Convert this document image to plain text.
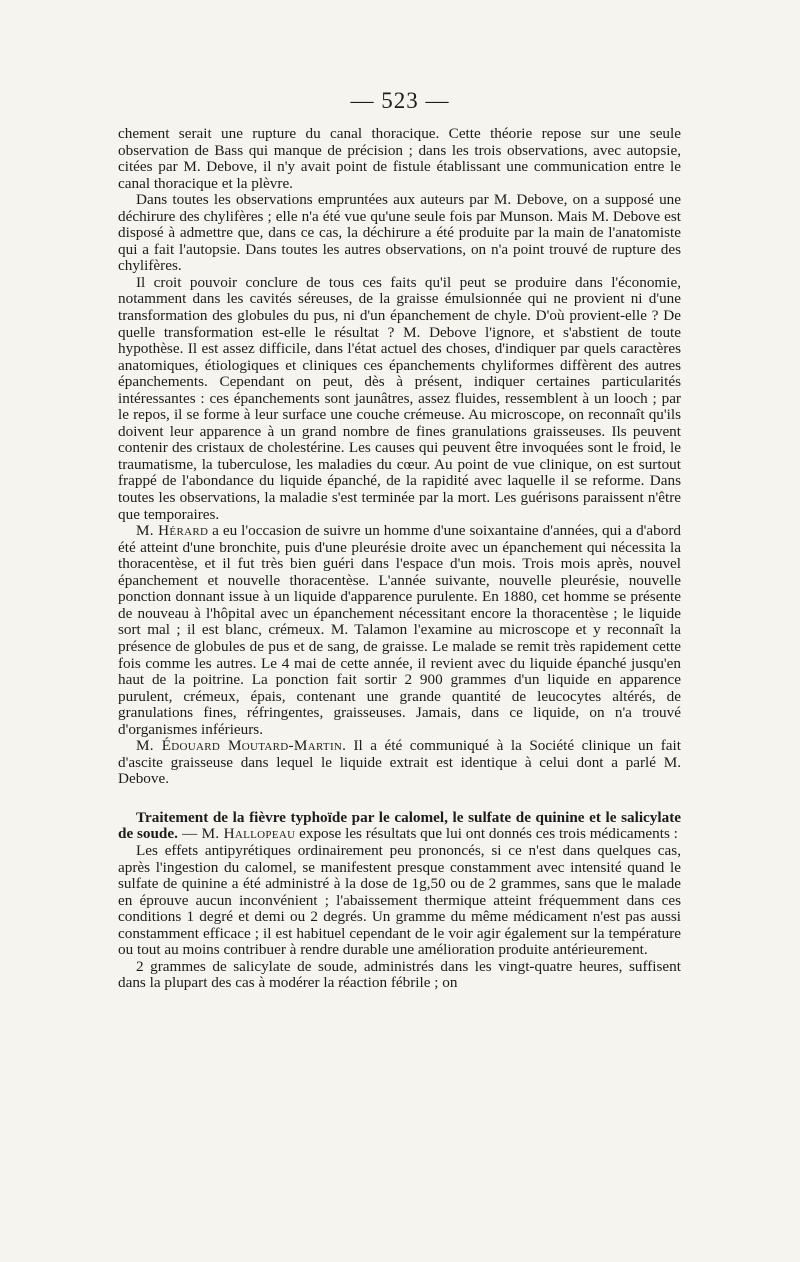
— 523 —

chement serait une rupture du canal thoracique. Cette théorie repose sur une seule observation de Bass qui manque de précision ; dans les trois observations, avec autopsie, citées par M. Debove, il n'y avait point de fistule établissant une communication entre le canal thoracique et la plèvre.

Dans toutes les observations empruntées aux auteurs par M. Debove, on a supposé une déchirure des chylifères ; elle n'a été vue qu'une seule fois par Munson. Mais M. Debove est disposé à admettre que, dans ce cas, la déchirure a été produite par la main de l'anatomiste qui a fait l'autopsie. Dans toutes les autres observations, on n'a point trouvé de rupture des chylifères.

Il croit pouvoir conclure de tous ces faits qu'il peut se produire dans l'économie, notamment dans les cavités séreuses, de la graisse émulsionnée qui ne provient ni d'une transformation des globules du pus, ni d'un épanchement de chyle. D'où provient-elle ? De quelle transformation est-elle le résultat ? M. Debove l'ignore, et s'abstient de toute hypothèse. Il est assez difficile, dans l'état actuel des choses, d'indiquer par quels caractères anatomiques, étiologiques et cliniques ces épanchements chyliformes diffèrent des autres épanchements. Cependant on peut, dès à présent, indiquer certaines particularités intéressantes : ces épanchements sont jaunâtres, assez fluides, ressemblent à un looch ; par le repos, il se forme à leur surface une couche crémeuse. Au microscope, on reconnaît qu'ils doivent leur apparence à un grand nombre de fines granulations graisseuses. Ils peuvent contenir des cristaux de cholestérine. Les causes qui peuvent être invoquées sont le froid, le traumatisme, la tuberculose, les maladies du cœur. Au point de vue clinique, on est surtout frappé de l'abondance du liquide épanché, de la rapidité avec laquelle il se reforme. Dans toutes les observations, la maladie s'est terminée par la mort. Les guérisons paraissent n'être que temporaires.

M. Hérard a eu l'occasion de suivre un homme d'une soixantaine d'années, qui a d'abord été atteint d'une bronchite, puis d'une pleurésie droite avec un épanchement qui nécessita la thoracentèse, et il fut très bien guéri dans l'espace d'un mois. Trois mois après, nouvel épanchement et nouvelle thoracentèse. L'année suivante, nouvelle pleurésie, nouvelle ponction donnant issue à un liquide d'apparence purulente. En 1880, cet homme se présente de nouveau à l'hôpital avec un épanchement nécessitant encore la thoracentèse ; le liquide sort mal ; il est blanc, crémeux. M. Talamon l'examine au microscope et y reconnaît la présence de globules de pus et de sang, de graisse. Le malade se remit très rapidement cette fois comme les autres. Le 4 mai de cette année, il revient avec du liquide épanché jusqu'en haut de la poitrine. La ponction fait sortir 2 900 grammes d'un liquide en apparence purulent, crémeux, épais, contenant une grande quantité de leucocytes altérés, de granulations fines, réfringentes, graisseuses. Jamais, dans ce liquide, on n'a trouvé d'organismes inférieurs.

M. Édouard Moutard-Martin. Il a été communiqué à la Société clinique un fait d'ascite graisseuse dans lequel le liquide extrait est identique à celui dont a parlé M. Debove.

Traitement de la fièvre typhoïde par le calomel, le sulfate de quinine et le salicylate de soude. — M. Hallopeau expose les résultats que lui ont donnés ces trois médicaments :

Les effets antipyrétiques ordinairement peu prononcés, si ce n'est dans quelques cas, après l'ingestion du calomel, se manifestent presque constamment avec intensité quand le sulfate de quinine a été administré à la dose de 1g,50 ou de 2 grammes, sans que le malade en éprouve aucun inconvénient ; l'abaissement thermique atteint fréquemment dans ces conditions 1 degré et demi ou 2 degrés. Un gramme du même médicament n'est pas aussi constamment efficace ; il est habituel cependant de le voir agir également sur la température ou tout au moins contribuer à rendre durable une amélioration produite antérieurement.

2 grammes de salicylate de soude, administrés dans les vingt-quatre heures, suffisent dans la plupart des cas à modérer la réaction fébrile ; on
